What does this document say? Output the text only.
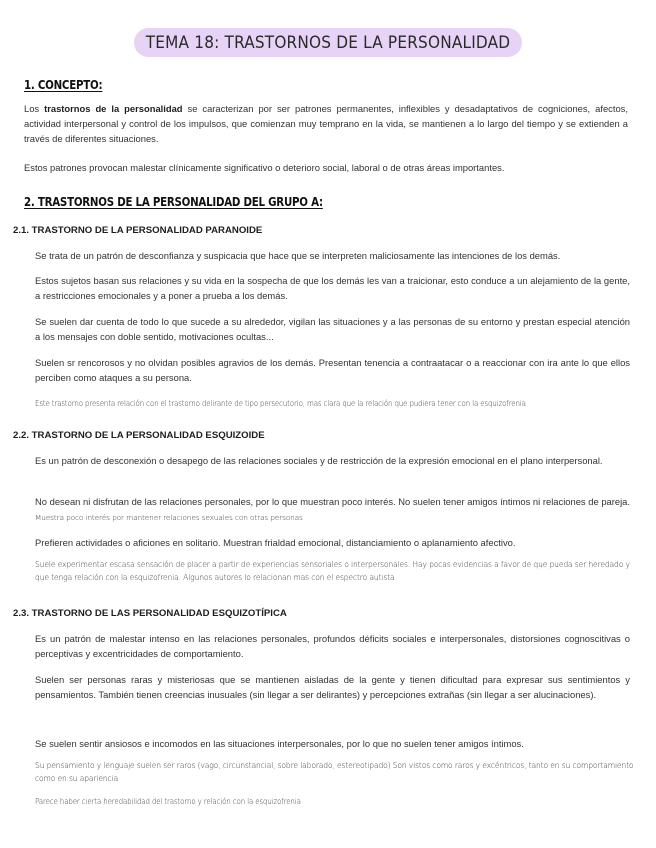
TEMA 18: TRASTORNOS DE LA PERSONALIDAD
1. CONCEPTO:

Los trastornos de la personalidad se caracterizan por ser patrones permanentes, inflexibles y desadaptativos de cogniciones, afectos, actividad interpersonal y control de los impulsos, que comienzan muy temprano en la vida, se mantienen a lo largo del tiempo y se extienden a través de diferentes situaciones.

Estos patrones provocan malestar clínicamente significativo o deterioro social, laboral o de otras áreas importantes.

2. TRASTORNOS DE LA PERSONALIDAD DEL GRUPO A:
2.1. TRASTORNO DE LA PERSONALIDAD PARANOIDE

Se trata de un patrón de desconfianza y suspicacia que hace que se interpreten maliciosamente las intenciones de los demás.

Estos sujetos basan sus relaciones y su vida en la sospecha de que los demás les van a traicionar, esto conduce a un alejamiento de la gente, a restricciones emocionales y a poner a prueba a los demás.

Se suelen dar cuenta de todo lo que sucede a su alrededor, vigilan las situaciones y a las personas de su entorno y prestan especial atención a los mensajes con doble sentido, motivaciones ocultas...

Suelen sr rencorosos y no olvidan posibles agravios de los demás. Presentan tenencia a contraatacar o a reaccionar con ira ante lo que ellos perciben como ataques a su persona.

Este trastorno presenta relación con el trastorno delirante de tipo persecutorio, mas clara que la relación que pudiera tener con la esquizofrenia

2.2. TRASTORNO DE LA PERSONALIDAD ESQUIZOIDE

Es un patrón de desconexión o desapego de las relaciones sociales y de restricción de la expresión emocional en el plano interpersonal.

No desean ni disfrutan de las relaciones personales, por lo que muestran poco interés. No suelen tener amigos íntimos ni relaciones de pareja. Muestra poco interés por mantener relaciones sexuales con otras personas

Prefieren actividades o aficiones en solitario. Muestran frialdad emocional, distanciamiento o aplanamiento afectivo.

Suele experimentar escasa sensación de placer a partir de experiencias sensoriales o interpersonales. Hay pocas evidencias a favor de que pueda ser heredado y que tenga relación con la esquizofrenia. Algunos autores lo relacionan mas con el espectro autista

2.3. TRASTORNO DE LAS PERSONALIDAD ESQUIZOTÍPICA

Es un patrón de malestar intenso en las relaciones personales, profundos déficits sociales e interpersonales, distorsiones cognoscitivas o perceptivas y excentricidades de comportamiento.

Suelen ser personas raras y misteriosas que se mantienen aisladas de la gente y tienen dificultad para expresar sus sentimientos y pensamientos. También tienen creencias inusuales (sin llegar a ser delirantes) y percepciones extrañas (sin llegar a ser alucinaciones).

Se suelen sentir ansiosos e incomodos en las situaciones interpersonales, por lo que no suelen tener amigos íntimos.

Su pensamiento y lenguaje suelen ser raros (vago, circunstancial, sobre laborado, estereotipado) Son vistos como raros y excéntricos, tanto en su comportamiento como en su apariencia

Parece haber cierta heredabilidad del trastorno y relación con la esquizofrenia
